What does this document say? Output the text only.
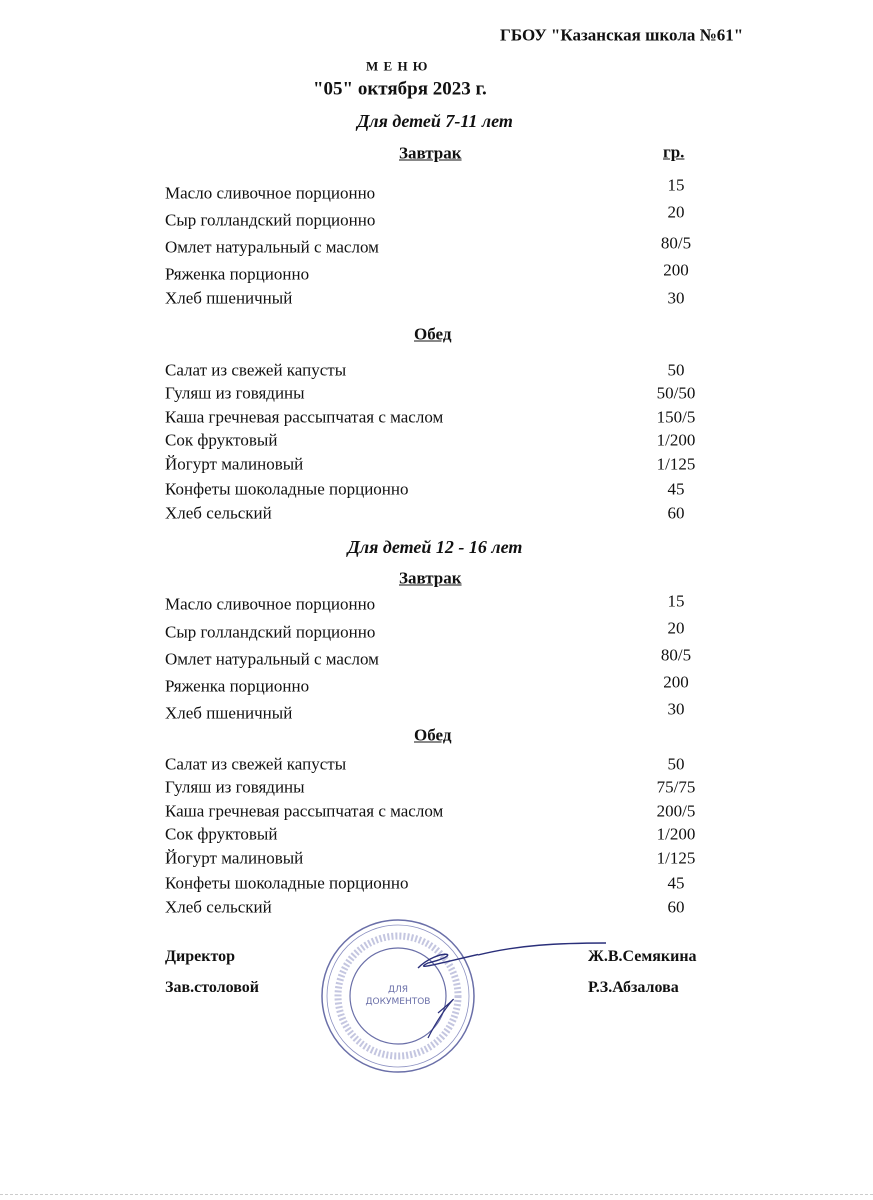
ГБОУ "Казанская школа №61"
М Е Н Ю
"05" октября 2023 г.
гр.
Для детей 7-11 лет
Завтрак
Масло сливочное порционно	15
Сыр голландский порционно	20
Омлет натуральный с маслом	80/5
Ряженка порционно	200
Хлеб пшеничный	30
Обед
Салат из свежей капусты	50
Гуляш из говядины	50/50
Каша гречневая рассыпчатая с маслом	150/5
Сок фруктовый	1/200
Йогурт малиновый	1/125
Конфеты шоколадные порционно	45
Хлеб сельский	60
Для детей 12 - 16 лет
Завтрак
Масло сливочное порционно	15
Сыр голландский порционно	20
Омлет натуральный с маслом	80/5
Ряженка порционно	200
Хлеб пшеничный	30
Обед
Салат из свежей капусты	50
Гуляш из говядины	75/75
Каша гречневая рассыпчатая с маслом	200/5
Сок фруктовый	1/200
Йогурт малиновый	1/125
Конфеты шоколадные порционно	45
Хлеб сельский	60
Директор	Ж.В.Семякина
Зав.столовой	Р.З.Абзалова
ДЛЯ
ДОКУМЕНТОВ
